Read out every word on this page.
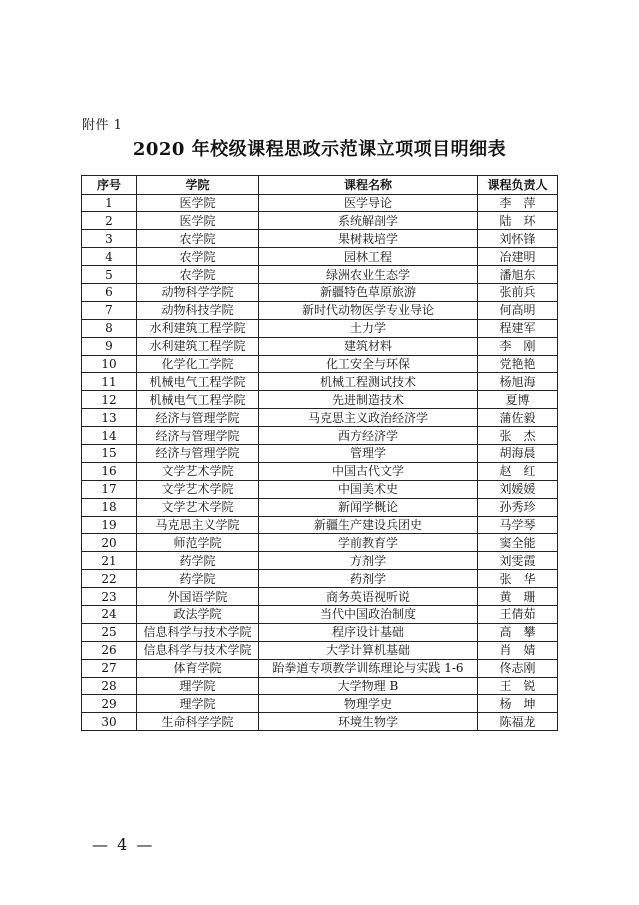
附件 1
2020 年校级课程思政示范课立项项目明细表
序号	学院	课程名称	课程负责人
1	医学院	医学导论	李　萍
2	医学院	系统解剖学	陆　环
3	农学院	果树栽培学	刘怀锋
4	农学院	园林工程	冶建明
5	农学院	绿洲农业生态学	潘旭东
6	动物科学学院	新疆特色草原旅游	张前兵
7	动物科技学院	新时代动物医学专业导论	何高明
8	水利建筑工程学院	土力学	程建军
9	水利建筑工程学院	建筑材料	李　刚
10	化学化工学院	化工安全与环保	党艳艳
11	机械电气工程学院	机械工程测试技术	杨旭海
12	机械电气工程学院	先进制造技术	夏博
13	经济与管理学院	马克思主义政治经济学	蒲佐毅
14	经济与管理学院	西方经济学	张　杰
15	经济与管理学院	管理学	胡海晨
16	文学艺术学院	中国古代文学	赵　红
17	文学艺术学院	中国美术史	刘媛媛
18	文学艺术学院	新闻学概论	孙秀珍
19	马克思主义学院	新疆生产建设兵团史	马学琴
20	师范学院	学前教育学	窦全能
21	药学院	方剂学	刘雯霞
22	药学院	药剂学	张　华
23	外国语学院	商务英语视听说	黄　珊
24	政法学院	当代中国政治制度	王倩茹
25	信息科学与技术学院	程序设计基础	高　攀
26	信息科学与技术学院	大学计算机基础	肖　婧
27	体育学院	跆拳道专项教学训练理论与实践 1-6	佟志刚
28	理学院	大学物理 B	王　锐
29	理学院	物理学史	杨　坤
30	生命科学学院	环境生物学	陈福龙
— 4 —
